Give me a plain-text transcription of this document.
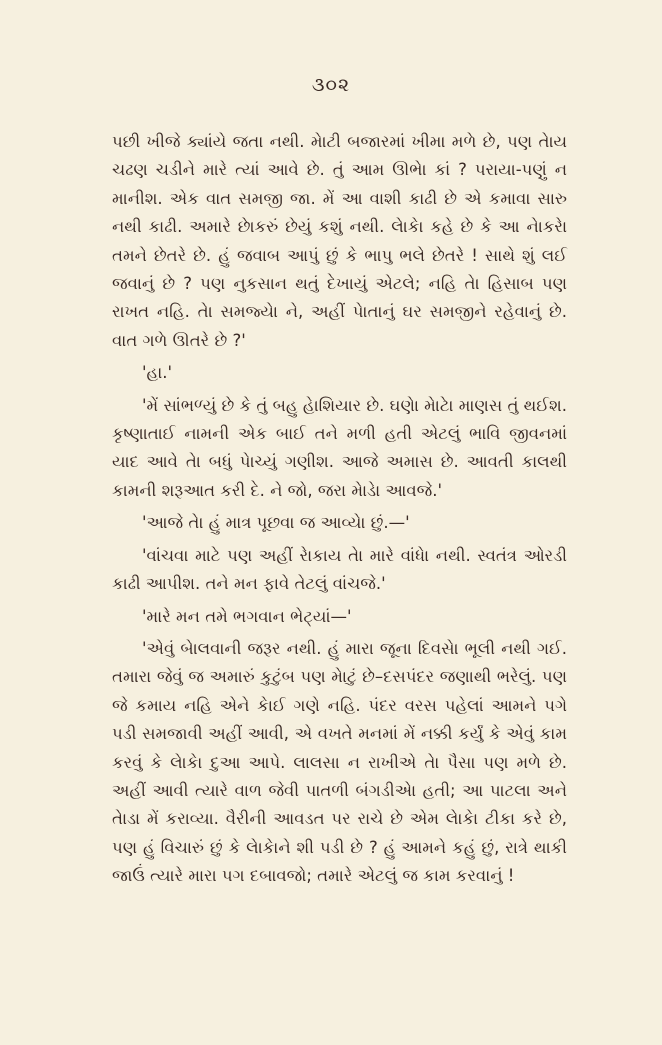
૩૦૨

પછી ખીજે ક્યાંયે જતા નથી. મેાટી બજારમાં ખીમા મળે છે, પણ તેાય ચઢણ ચડીને મારે ત્યાં આવે છે. તું આમ ઊભેા કાં ? પરાયા-પણું ન માનીશ. એક વાત સમજી જા. મેં આ વાશી કાઢી છે એ કમાવા સારુ નથી કાઢી. અમારે છેાકરું છેયું કશું નથી. લેાકેા કહે છે કે આ નેાકરેા તમને છેતરે છે. હું જવાબ આપું છું કે ભાપુ ભલે છેતરે ! સાથે શું લઈ જવાનું છે ? પણ નુકસાન થતું દેખાયું એટલે; નહિ તેા હિસાબ પણ રાખત નહિ. તેા સમજ્યેા ને, અહીં પેાતાનું ઘર સમજીને રહેવાનું છે. વાત ગળે ઊતરે છે ?'

'હા.'

'મેં સાંભળ્યું છે કે તું બહુ હેાશિયાર છે. ઘણેા મેાટેા માણસ તું થઈશ. કૃષ્ણાતાઈ નામની એક બાઈ તને મળી હતી એટલું ભાવિ જીવનમાં યાદ આવે તેા બધું પેાચ્યું ગણીશ. આજે અમાસ છે. આવતી કાલથી કામની શરૂઆત કરી દે. ને જો, જરા મેાડેા આવજે.'

'આજે તેા હું માત્ર પૂછવા જ આવ્યેા છું.—'

'વાંચવા માટે પણ અહીં રેાકાય તેા મારે વાંધેા નથી. સ્વતંત્ર ઓરડી કાઢી આપીશ. તને મન ફાવે તેટલું વાંચજે.'

'મારે મન તમે ભગવાન ભેટ્યાં—'

'એવું બેાલવાની જરૂર નથી. હું મારા જૂના દિવસેા ભૂલી નથી ગઈ. તમારા જેવું જ અમારું કુટુંબ પણ મેાટું છે–દસપંદર જણાથી ભરેલું. પણ જે કમાય નહિ એને કેાઈ ગણે નહિ. પંદર વરસ પહેલાં આમને પગે પડી સમજાવી અહીં આવી, એ વખતે મનમાં મેં નક્કી કર્યું કે એવું કામ કરવું કે લેાકેા દુઆ આપે. લાલસા ન રાખીએ તેા પૈસા પણ મળે છે. અહીં આવી ત્યારે વાળ જેવી પાતળી બંગડીએા હતી; આ પાટલા અને તેાડા મેં કરાવ્યા. વૈરીની આવડત પર રાચે છે એમ લેાકેા ટીકા કરે છે, પણ હું વિચારું છું કે લેાકેાને શી પડી છે ? હું આમને કહું છું, રાત્રે થાકી જાઉં ત્યારે મારા પગ દબાવજો; તમારે એટલું જ કામ કરવાનું !
